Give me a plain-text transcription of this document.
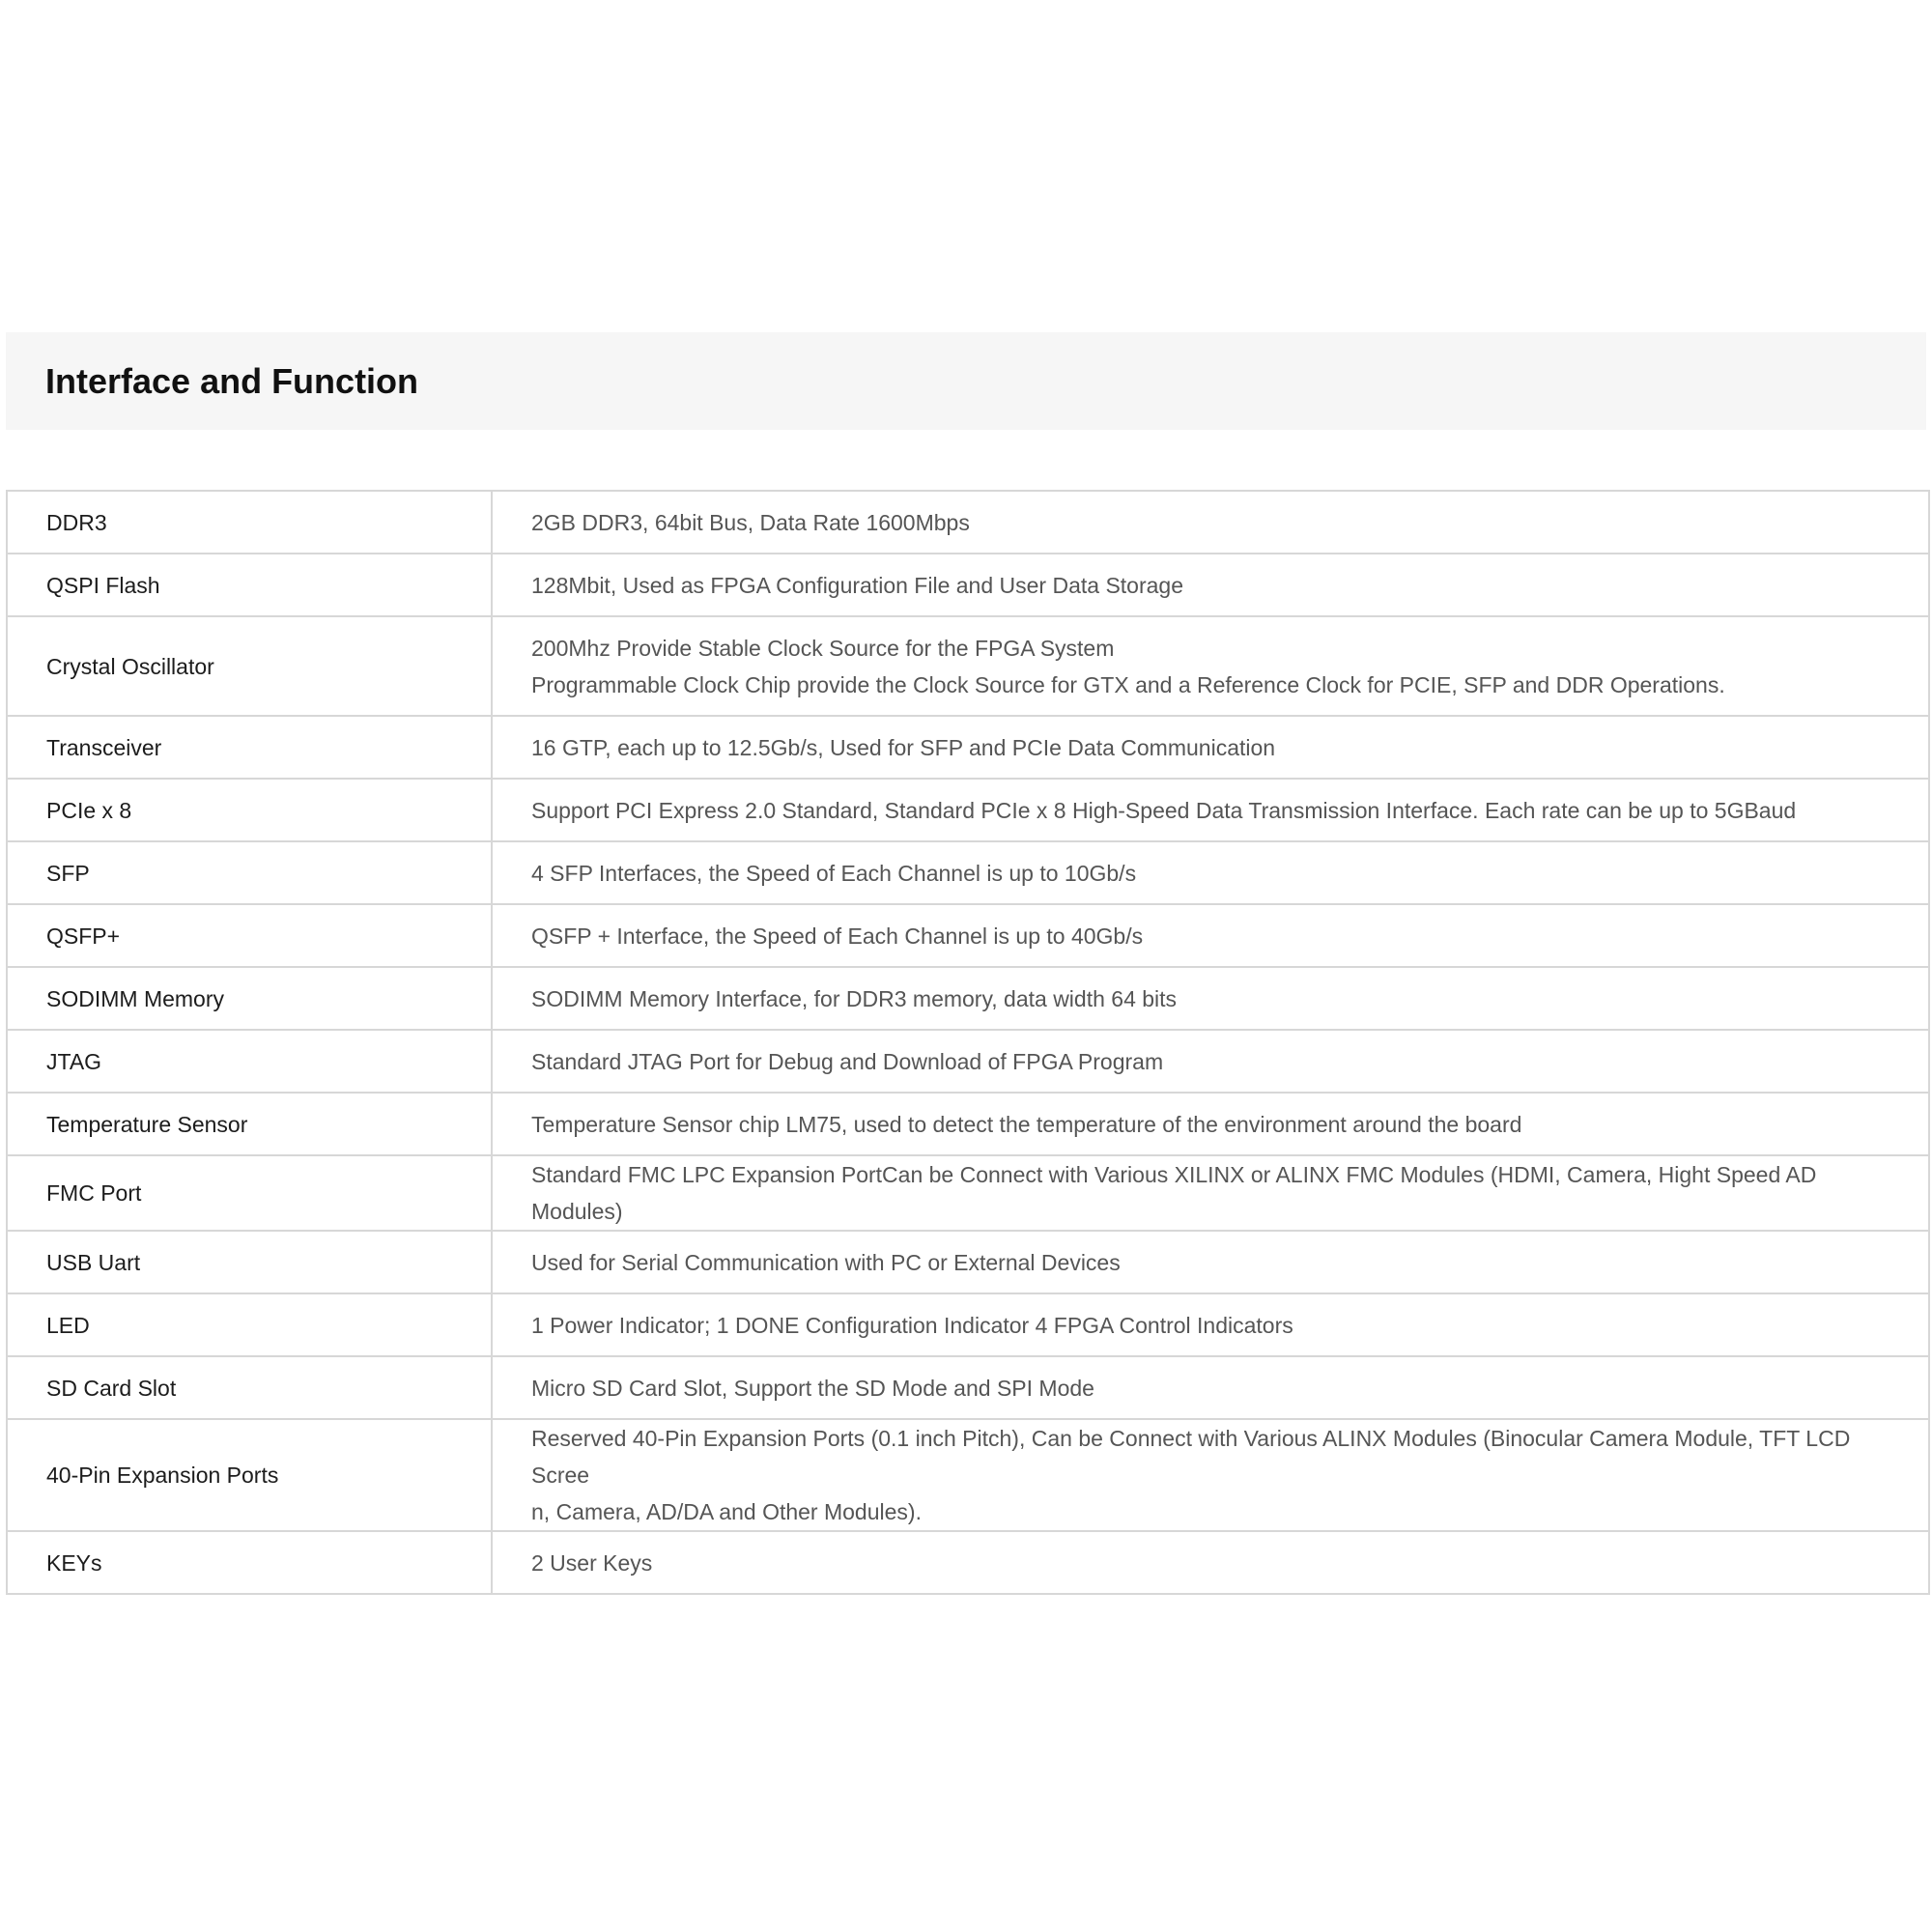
Interface and Function
DDR3	2GB DDR3, 64bit Bus, Data Rate 1600Mbps

QSPI Flash	128Mbit, Used as FPGA Configuration File and User Data Storage

Crystal Oscillator	200Mhz Provide Stable Clock Source for the FPGA System
Programmable Clock Chip provide the Clock Source for GTX and a Reference Clock for PCIE, SFP and DDR Operations.

Transceiver	16 GTP, each up to 12.5Gb/s, Used for SFP and PCIe Data Communication

PCIe x 8	Support PCI Express 2.0 Standard, Standard PCIe x 8 High-Speed Data Transmission Interface. Each rate can be up to 5GBaud

SFP	4 SFP Interfaces, the Speed of Each Channel is up to 10Gb/s

QSFP+	QSFP + Interface, the Speed of Each Channel is up to 40Gb/s

SODIMM Memory	SODIMM Memory Interface, for DDR3 memory, data width 64 bits

JTAG	Standard JTAG Port for Debug and Download of FPGA Program

Temperature Sensor	Temperature Sensor chip LM75, used to detect the temperature of the environment around the board

FMC Port	Standard FMC LPC Expansion PortCan be Connect with Various XILINX or ALINX FMC Modules (HDMI, Camera, Hight Speed AD Modules)

USB Uart	Used for Serial Communication with PC or External Devices

LED	1 Power Indicator; 1 DONE Configuration Indicator 4 FPGA Control Indicators

SD Card Slot	Micro SD Card Slot, Support the SD Mode and SPI Mode

40-Pin Expansion Ports	Reserved 40-Pin Expansion Ports (0.1 inch Pitch), Can be Connect with Various ALINX Modules (Binocular Camera Module, TFT LCD Scree
n, Camera, AD/DA and Other Modules).

KEYs	2 User Keys
